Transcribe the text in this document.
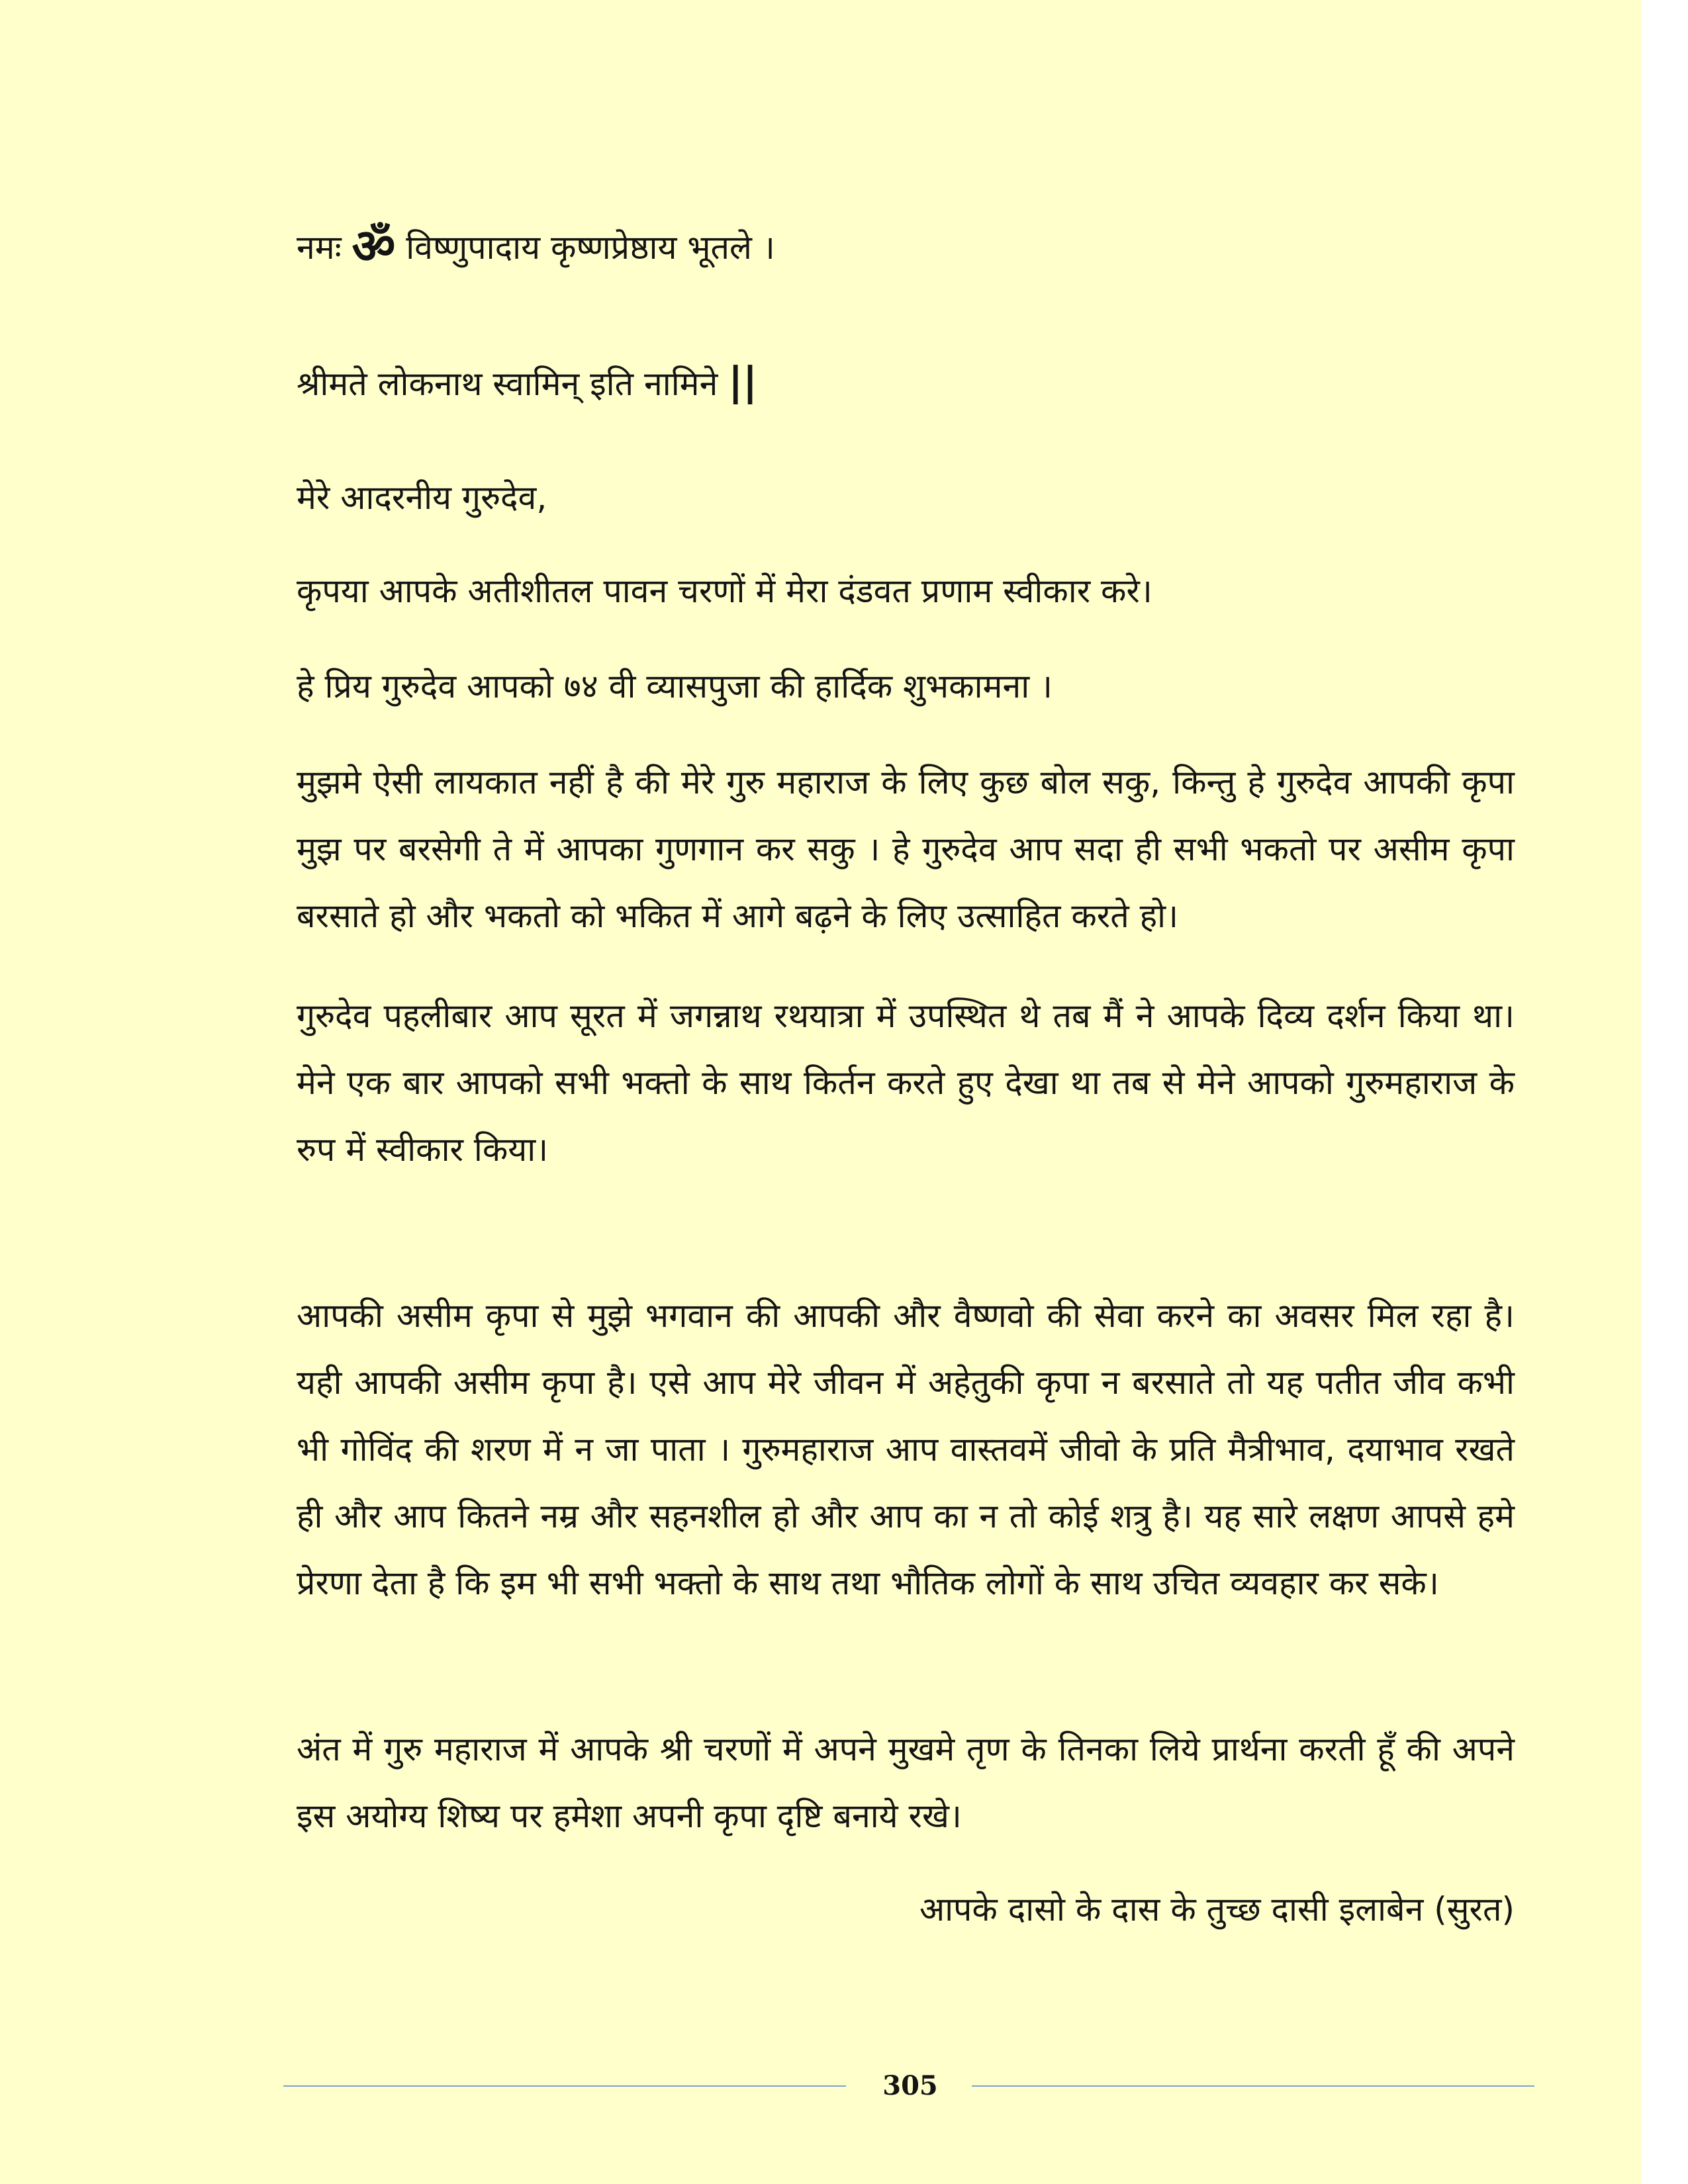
नमः ॐ विष्णुपादाय कृष्णप्रेष्ठाय भूतले ।
श्रीमते लोकनाथ स्वामिन् इति नामिने ||
मेरे आदरनीय गुरुदेव,
कृपया आपके अतीशीतल पावन चरणों में मेरा दंडवत प्रणाम स्वीकार करे।
हे प्रिय गुरुदेव आपको ७४ वी व्यासपुजा की हार्दिक शुभकामना ।

मुझमे ऐसी लायकात नहीं है की मेरे गुरु महाराज के लिए कुछ बोल सकु, किन्तु हे गुरुदेव आपकी कृपा मुझ पर बरसेगी ते में आपका गुणगान कर सकु । हे गुरुदेव आप सदा ही सभी भकतो पर असीम कृपा बरसाते हो और भकतो को भकित में आगे बढ़ने के लिए उत्साहित करते हो।

गुरुदेव पहलीबार आप सूरत में जगन्नाथ रथयात्रा में उपस्थित थे तब मैं ने आपके दिव्य दर्शन किया था। मेने एक बार आपको सभी भक्तो के साथ किर्तन करते हुए देखा था तब से मेने आपको गुरुमहाराज के रुप में स्वीकार किया।

आपकी असीम कृपा से मुझे भगवान की आपकी और वैष्णवो की सेवा करने का अवसर मिल रहा है। यही आपकी असीम कृपा है। एसे आप मेरे जीवन में अहेतुकी कृपा न बरसाते तो यह पतीत जीव कभी भी गोविंद की शरण में न जा पाता । गुरुमहाराज आप वास्तवमें जीवो के प्रति मैत्रीभाव, दयाभाव रखते ही और आप कितने नम्र और सहनशील हो और आप का न तो कोई शत्रु है। यह सारे लक्षण आपसे हमे प्रेरणा देता है कि इम भी सभी भक्तो के साथ तथा भौतिक लोगों के साथ उचित व्यवहार कर सके।

अंत में गुरु महाराज में आपके श्री चरणों में अपने मुखमे तृण के तिनका लिये प्रार्थना करती हूँ की अपने इस अयोग्य शिष्य पर हमेशा अपनी कृपा दृष्टि बनाये रखे।

आपके दासो के दास के तुच्छ दासी इलाबेन (सुरत)
305
